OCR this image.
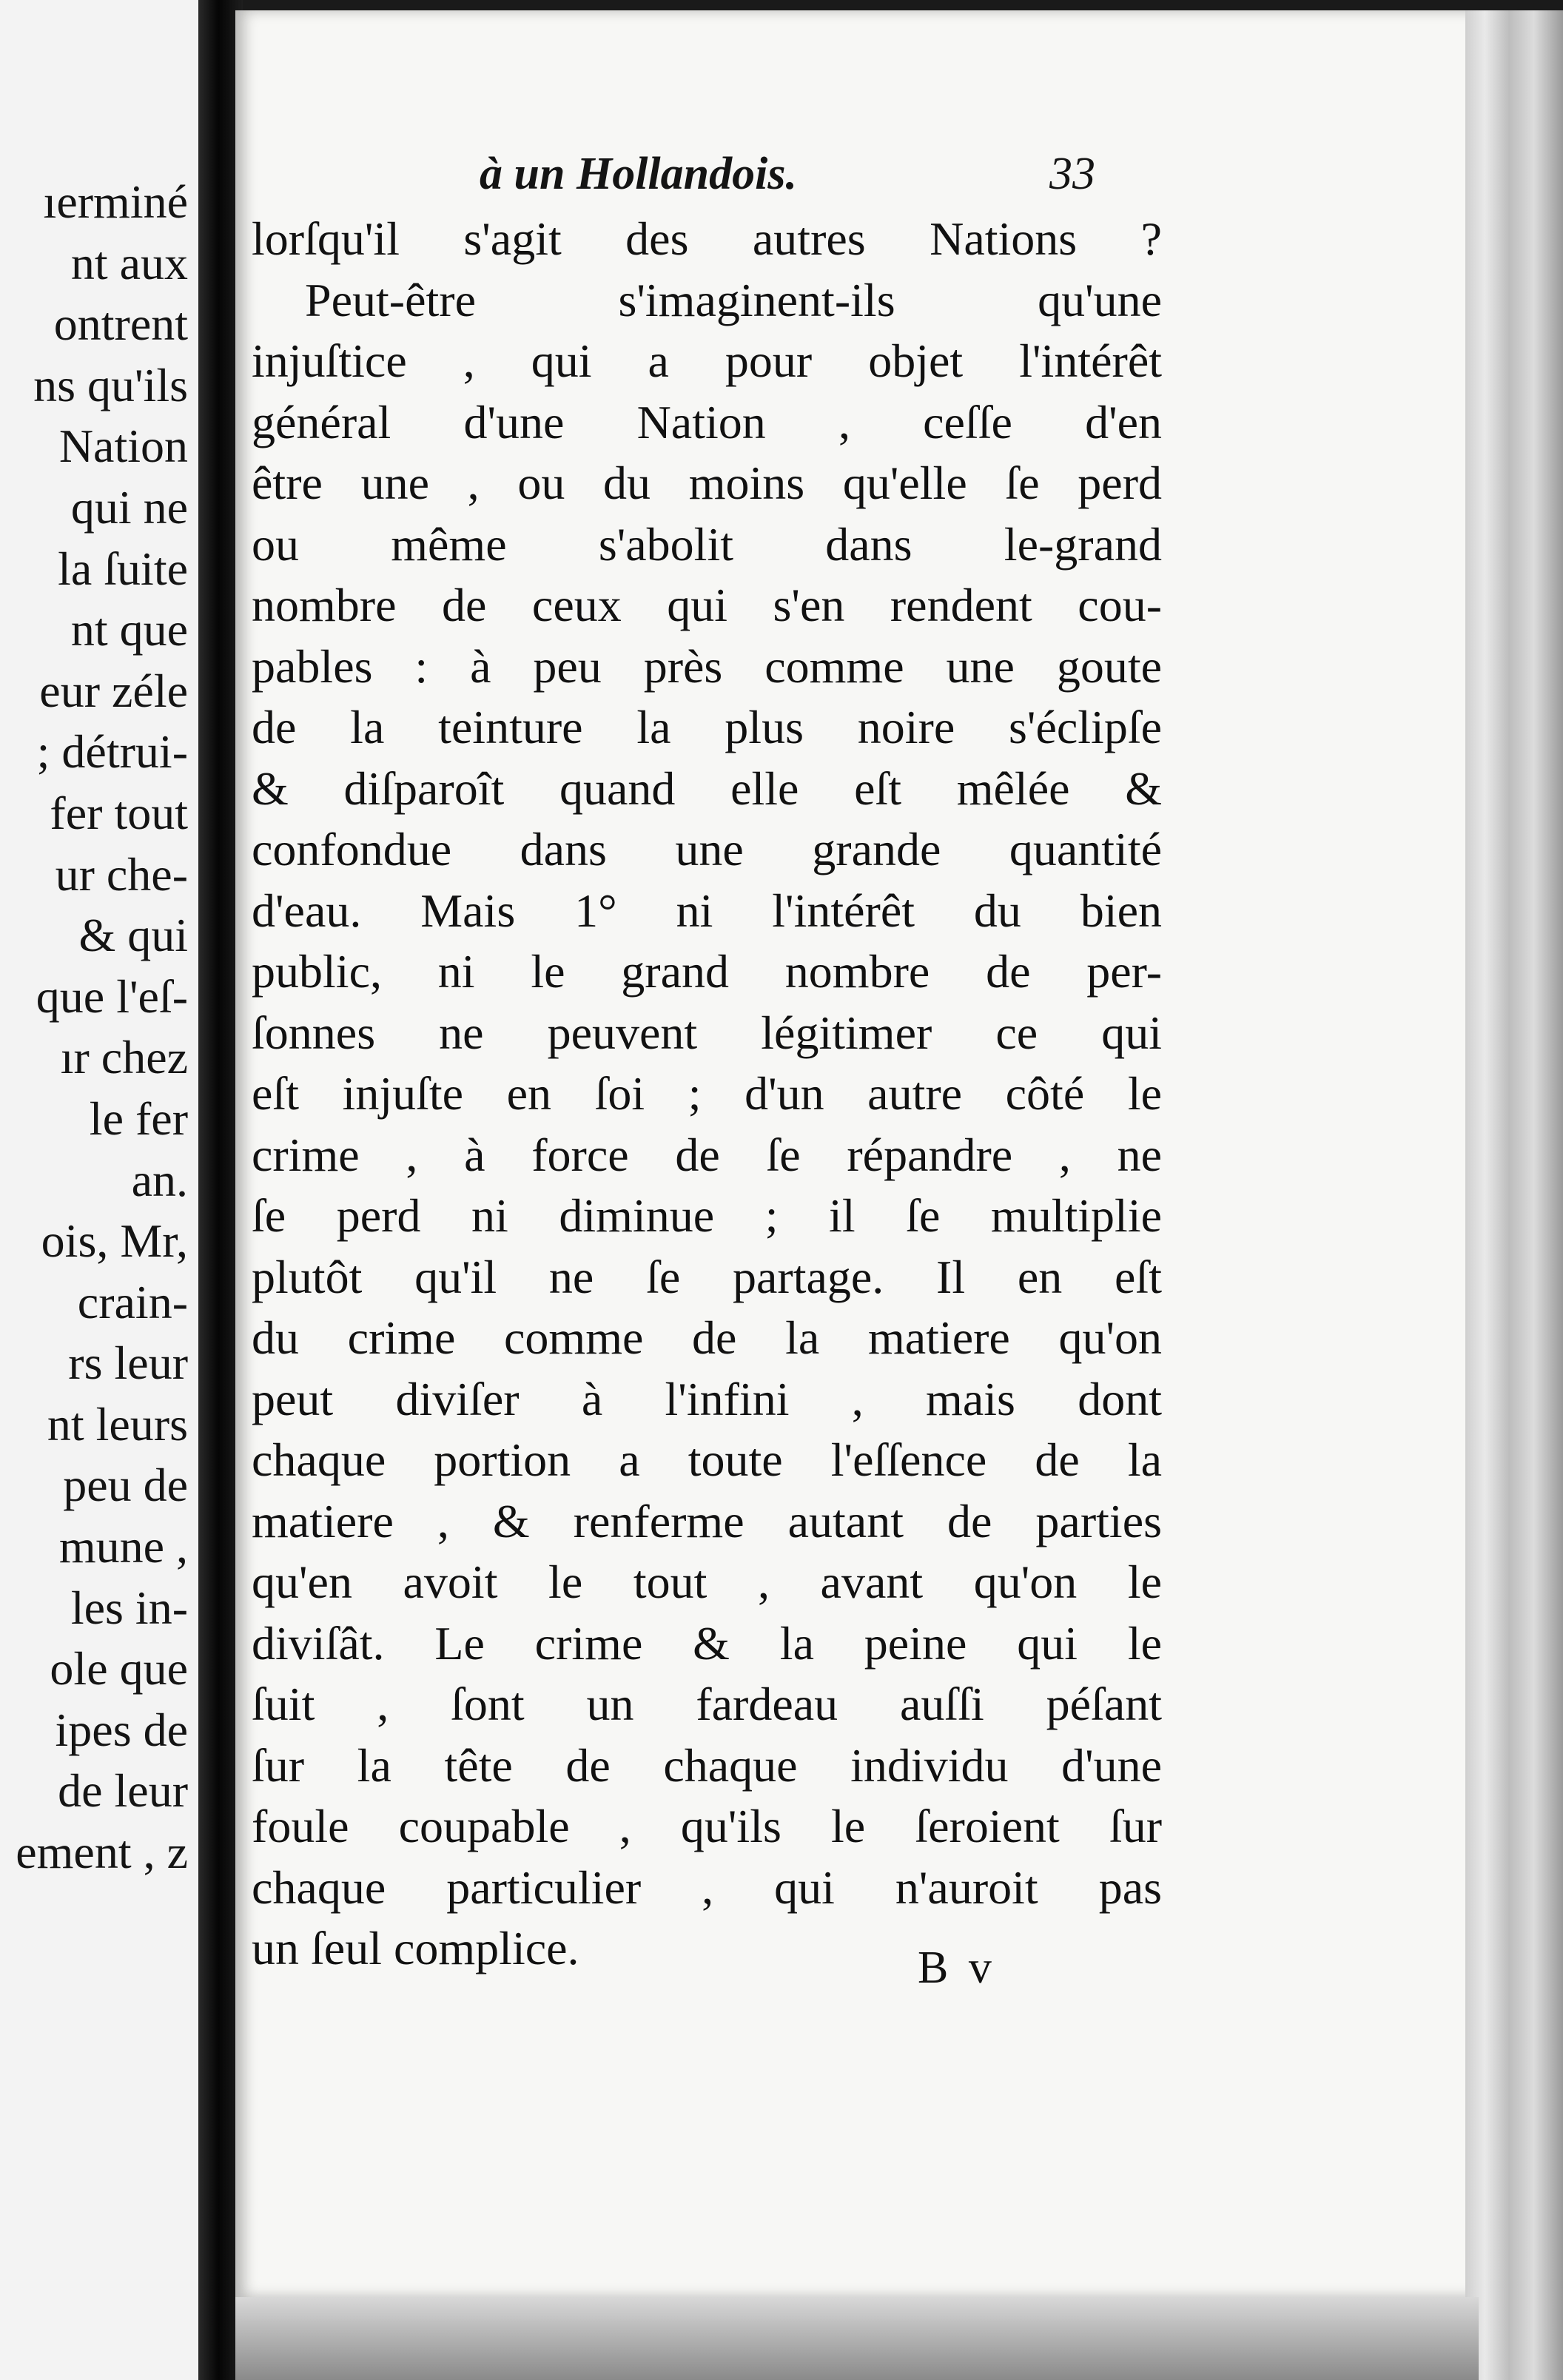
ıerminé
nt aux
ontrent
ns qu'ils
Nation
qui ne
la ſuite
nt que
eur zéle
; détrui-
fer tout
ur che-
& qui
que l'eſ-
ır chez
le fer
an.
ois, Mr,
crain-
rs leur
nt leurs
peu de
mune ,
les in-
ole que
ipes de
de leur
ement , z
à un Hollandois.	33
lorſqu'il s'agit des autres Nations ?
Peut-être s'imaginent-ils qu'une
injuſtice , qui a pour objet l'intérêt
général d'une Nation , ceſſe d'en
être une , ou du moins qu'elle ſe perd
ou même s'abolit dans le-grand
nombre de ceux qui s'en rendent cou-
pables : à peu près comme une goute
de la teinture la plus noire s'éclipſe
& diſparoît quand elle eſt mêlée &
confondue dans une grande quantité
d'eau. Mais 1° ni l'intérêt du bien
public, ni le grand nombre de per-
ſonnes ne peuvent légitimer ce qui
eſt injuſte en ſoi ; d'un autre côté le
crime , à force de ſe répandre , ne
ſe perd ni diminue ; il ſe multiplie
plutôt qu'il ne ſe partage. Il en eſt
du crime comme de la matiere qu'on
peut diviſer à l'infini , mais dont
chaque portion a toute l'eſſence de la
matiere , & renferme autant de parties
qu'en avoit le tout , avant qu'on le
diviſât. Le crime & la peine qui le
ſuit , ſont un fardeau auſſi péſant
ſur la tête de chaque individu d'une
foule coupable , qu'ils le ſeroient ſur
chaque particulier , qui n'auroit pas
un ſeul complice.	B v
